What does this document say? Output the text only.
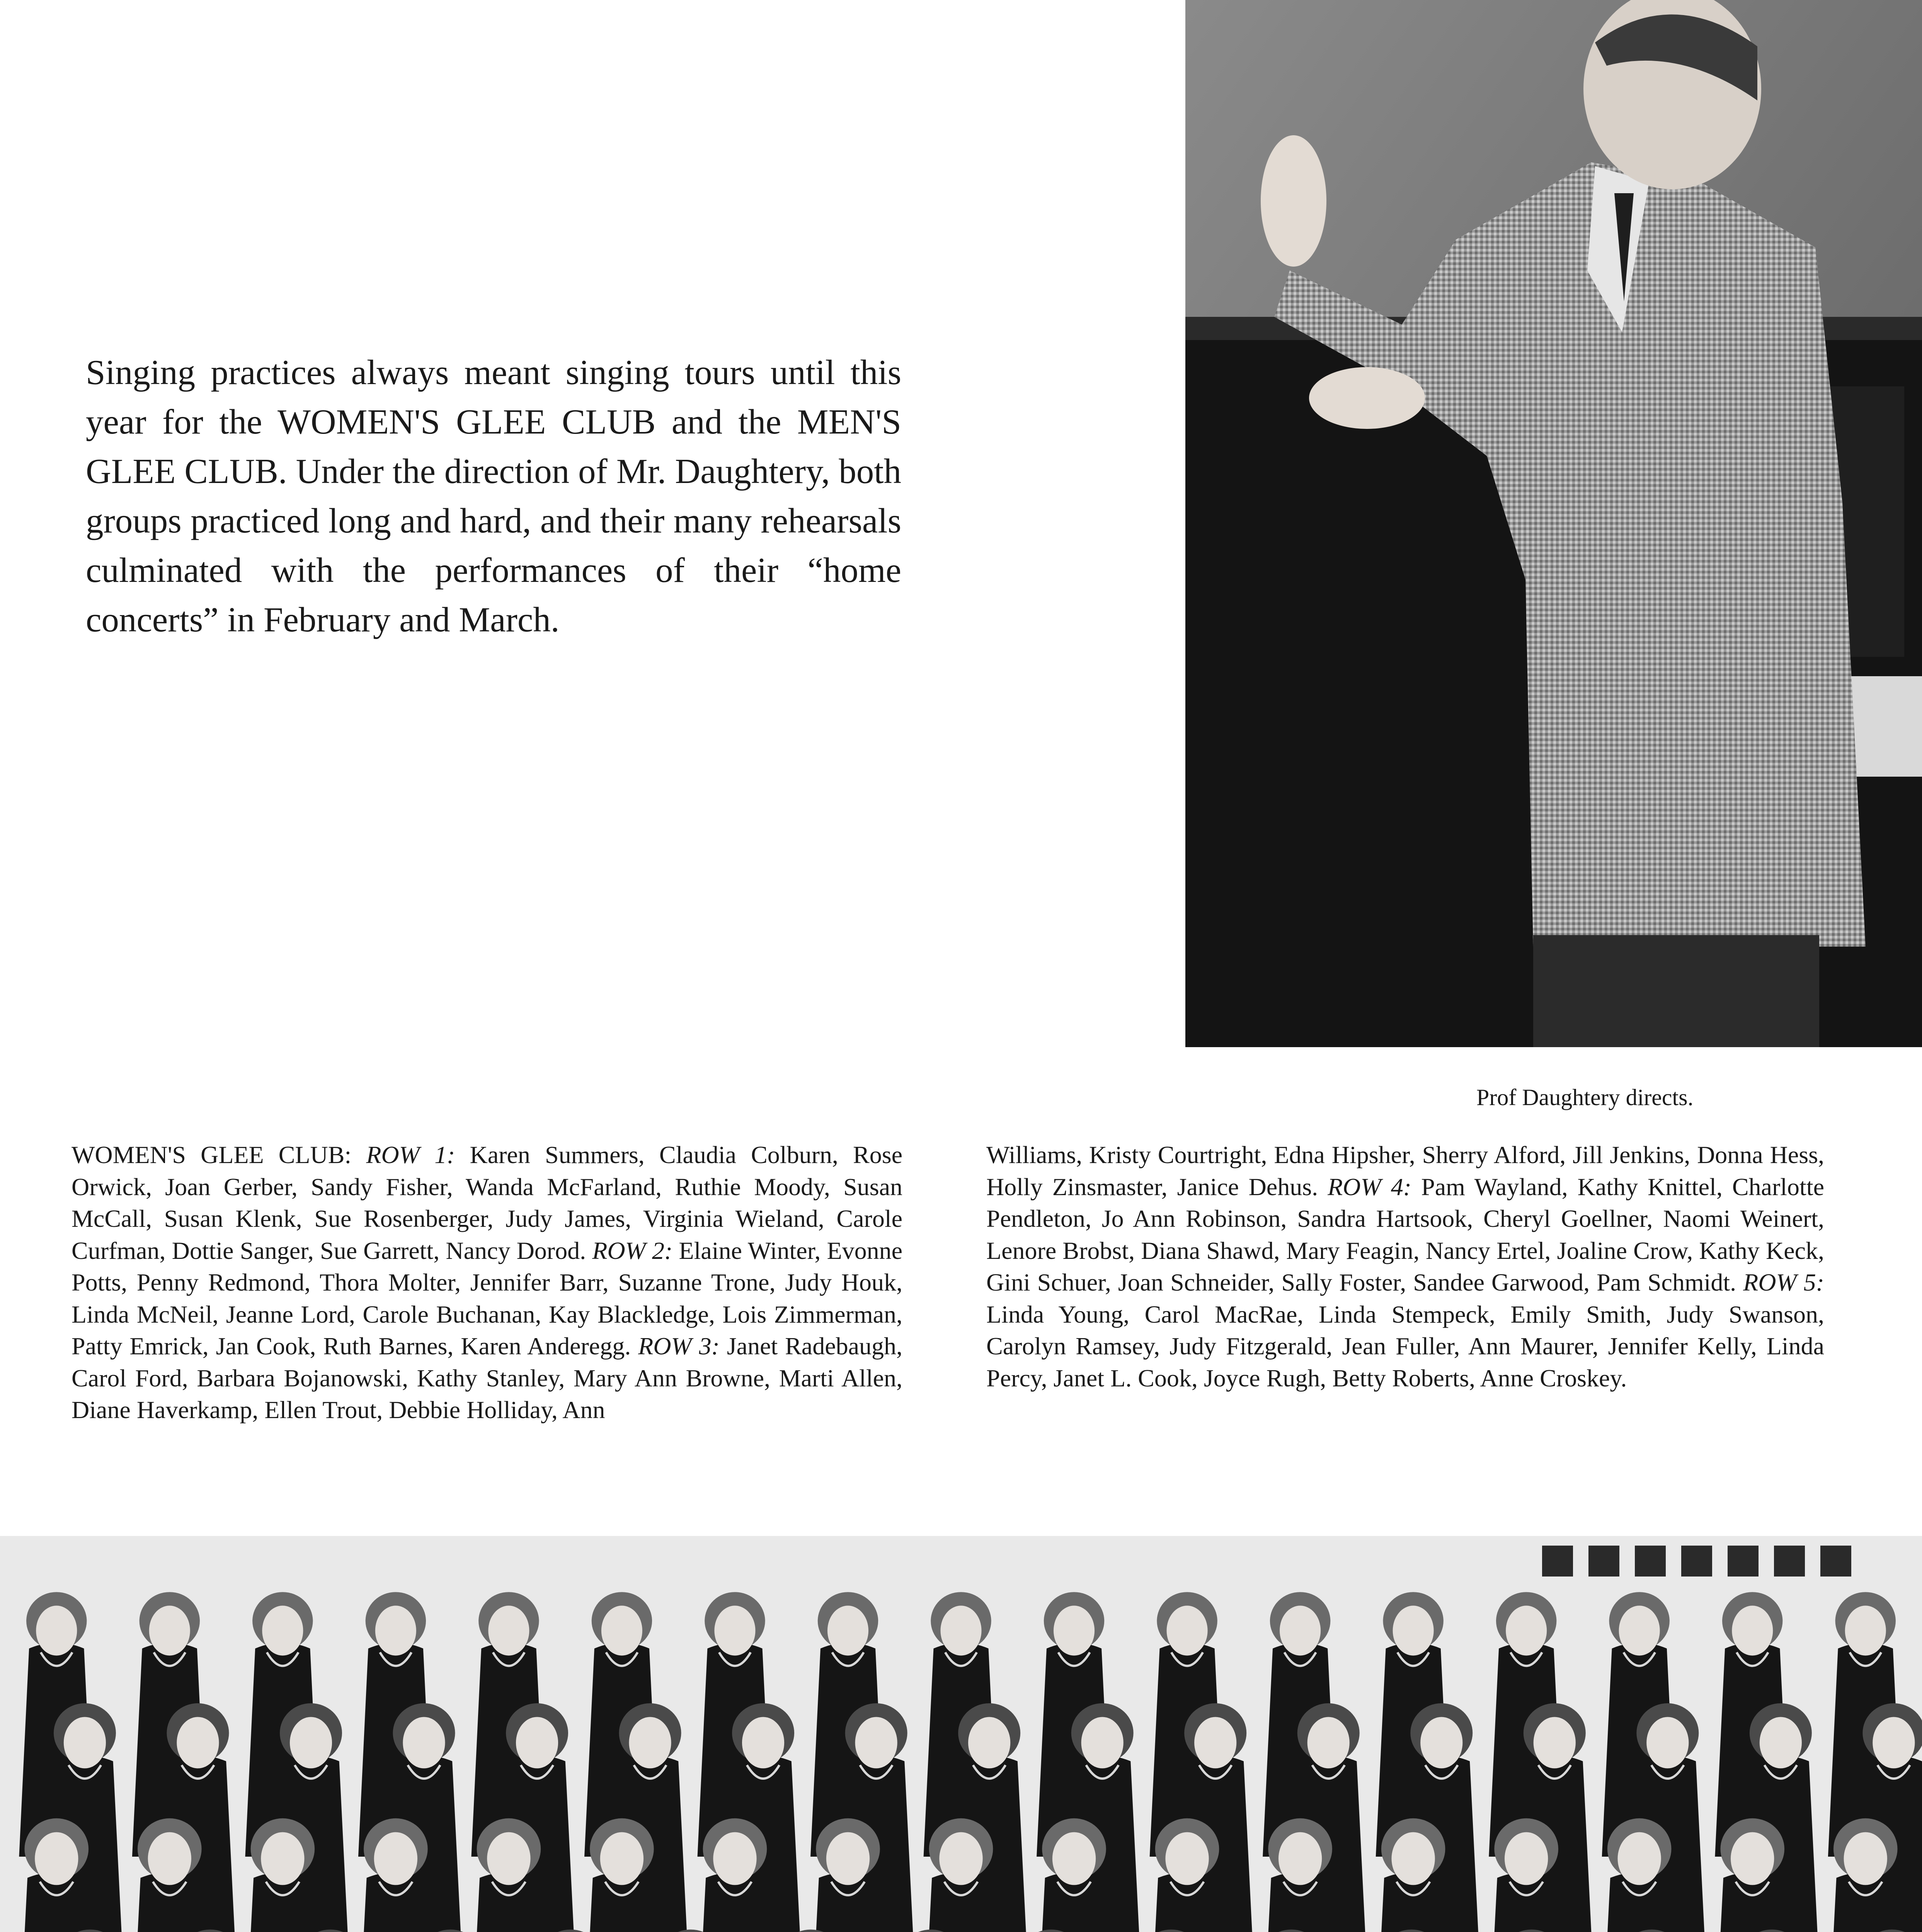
Singing practices always meant singing tours until this year for the WOMEN'S GLEE CLUB and the MEN'S GLEE CLUB. Under the direction of Mr. Daughtery, both groups practiced long and hard, and their many rehearsals culminated with the performances of their “home concerts” in February and March.
Prof Daughtery directs.
WOMEN'S GLEE CLUB: ROW 1: Karen Summers, Claudia Colburn, Rose Orwick, Joan Gerber, Sandy Fisher, Wanda McFarland, Ruthie Moody, Susan McCall, Susan Klenk, Sue Rosenberger, Judy James, Virginia Wieland, Carole Curfman, Dottie Sanger, Sue Garrett, Nancy Dorod. ROW 2: Elaine Winter, Evonne Potts, Penny Redmond, Thora Molter, Jennifer Barr, Suzanne Trone, Judy Houk, Linda McNeil, Jeanne Lord, Carole Buchanan, Kay Blackledge, Lois Zimmerman, Patty Emrick, Jan Cook, Ruth Barnes, Karen Anderegg. ROW 3: Janet Radebaugh, Carol Ford, Barbara Bojanowski, Kathy Stanley, Mary Ann Browne, Marti Allen, Diane Haverkamp, Ellen Trout, Debbie Holliday, Ann
Williams, Kristy Courtright, Edna Hipsher, Sherry Alford, Jill Jenkins, Donna Hess, Holly Zinsmaster, Janice Dehus. ROW 4: Pam Wayland, Kathy Knittel, Charlotte Pendleton, Jo Ann Robinson, Sandra Hartsook, Cheryl Goellner, Naomi Weinert, Lenore Brobst, Diana Shawd, Mary Feagin, Nancy Ertel, Joaline Crow, Kathy Keck, Gini Schuer, Joan Schneider, Sally Foster, Sandee Garwood, Pam Schmidt. ROW 5: Linda Young, Carol MacRae, Linda Stempeck, Emily Smith, Judy Swanson, Carolyn Ramsey, Judy Fitzgerald, Jean Fuller, Ann Maurer, Jennifer Kelly, Linda Percy, Janet L. Cook, Joyce Rugh, Betty Roberts, Anne Croskey.
